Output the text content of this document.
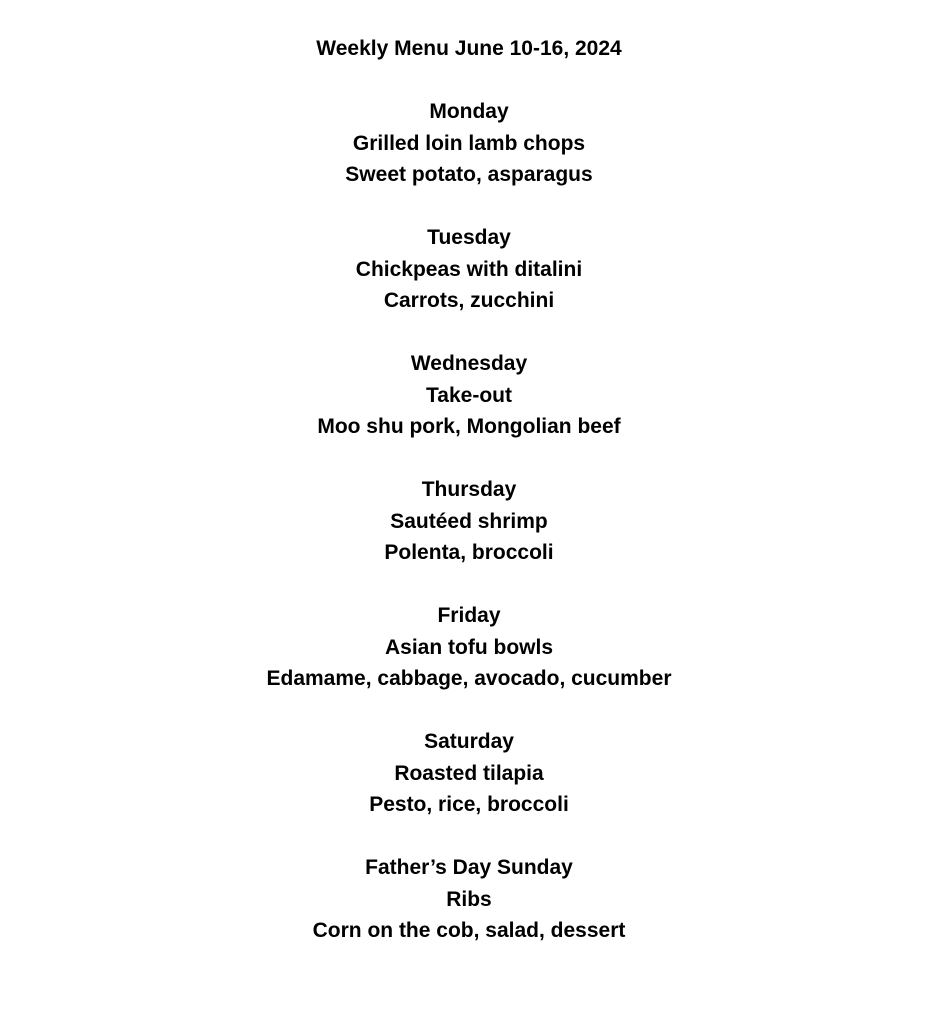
Weekly Menu June 10-16, 2024
Monday
Grilled loin lamb chops
Sweet potato, asparagus
Tuesday
Chickpeas with ditalini
Carrots, zucchini
Wednesday
Take-out
Moo shu pork, Mongolian beef
Thursday
Sautéed shrimp
Polenta, broccoli
Friday
Asian tofu bowls
Edamame, cabbage, avocado, cucumber
Saturday
Roasted tilapia
Pesto, rice, broccoli
Father’s Day Sunday
Ribs
Corn on the cob, salad, dessert
